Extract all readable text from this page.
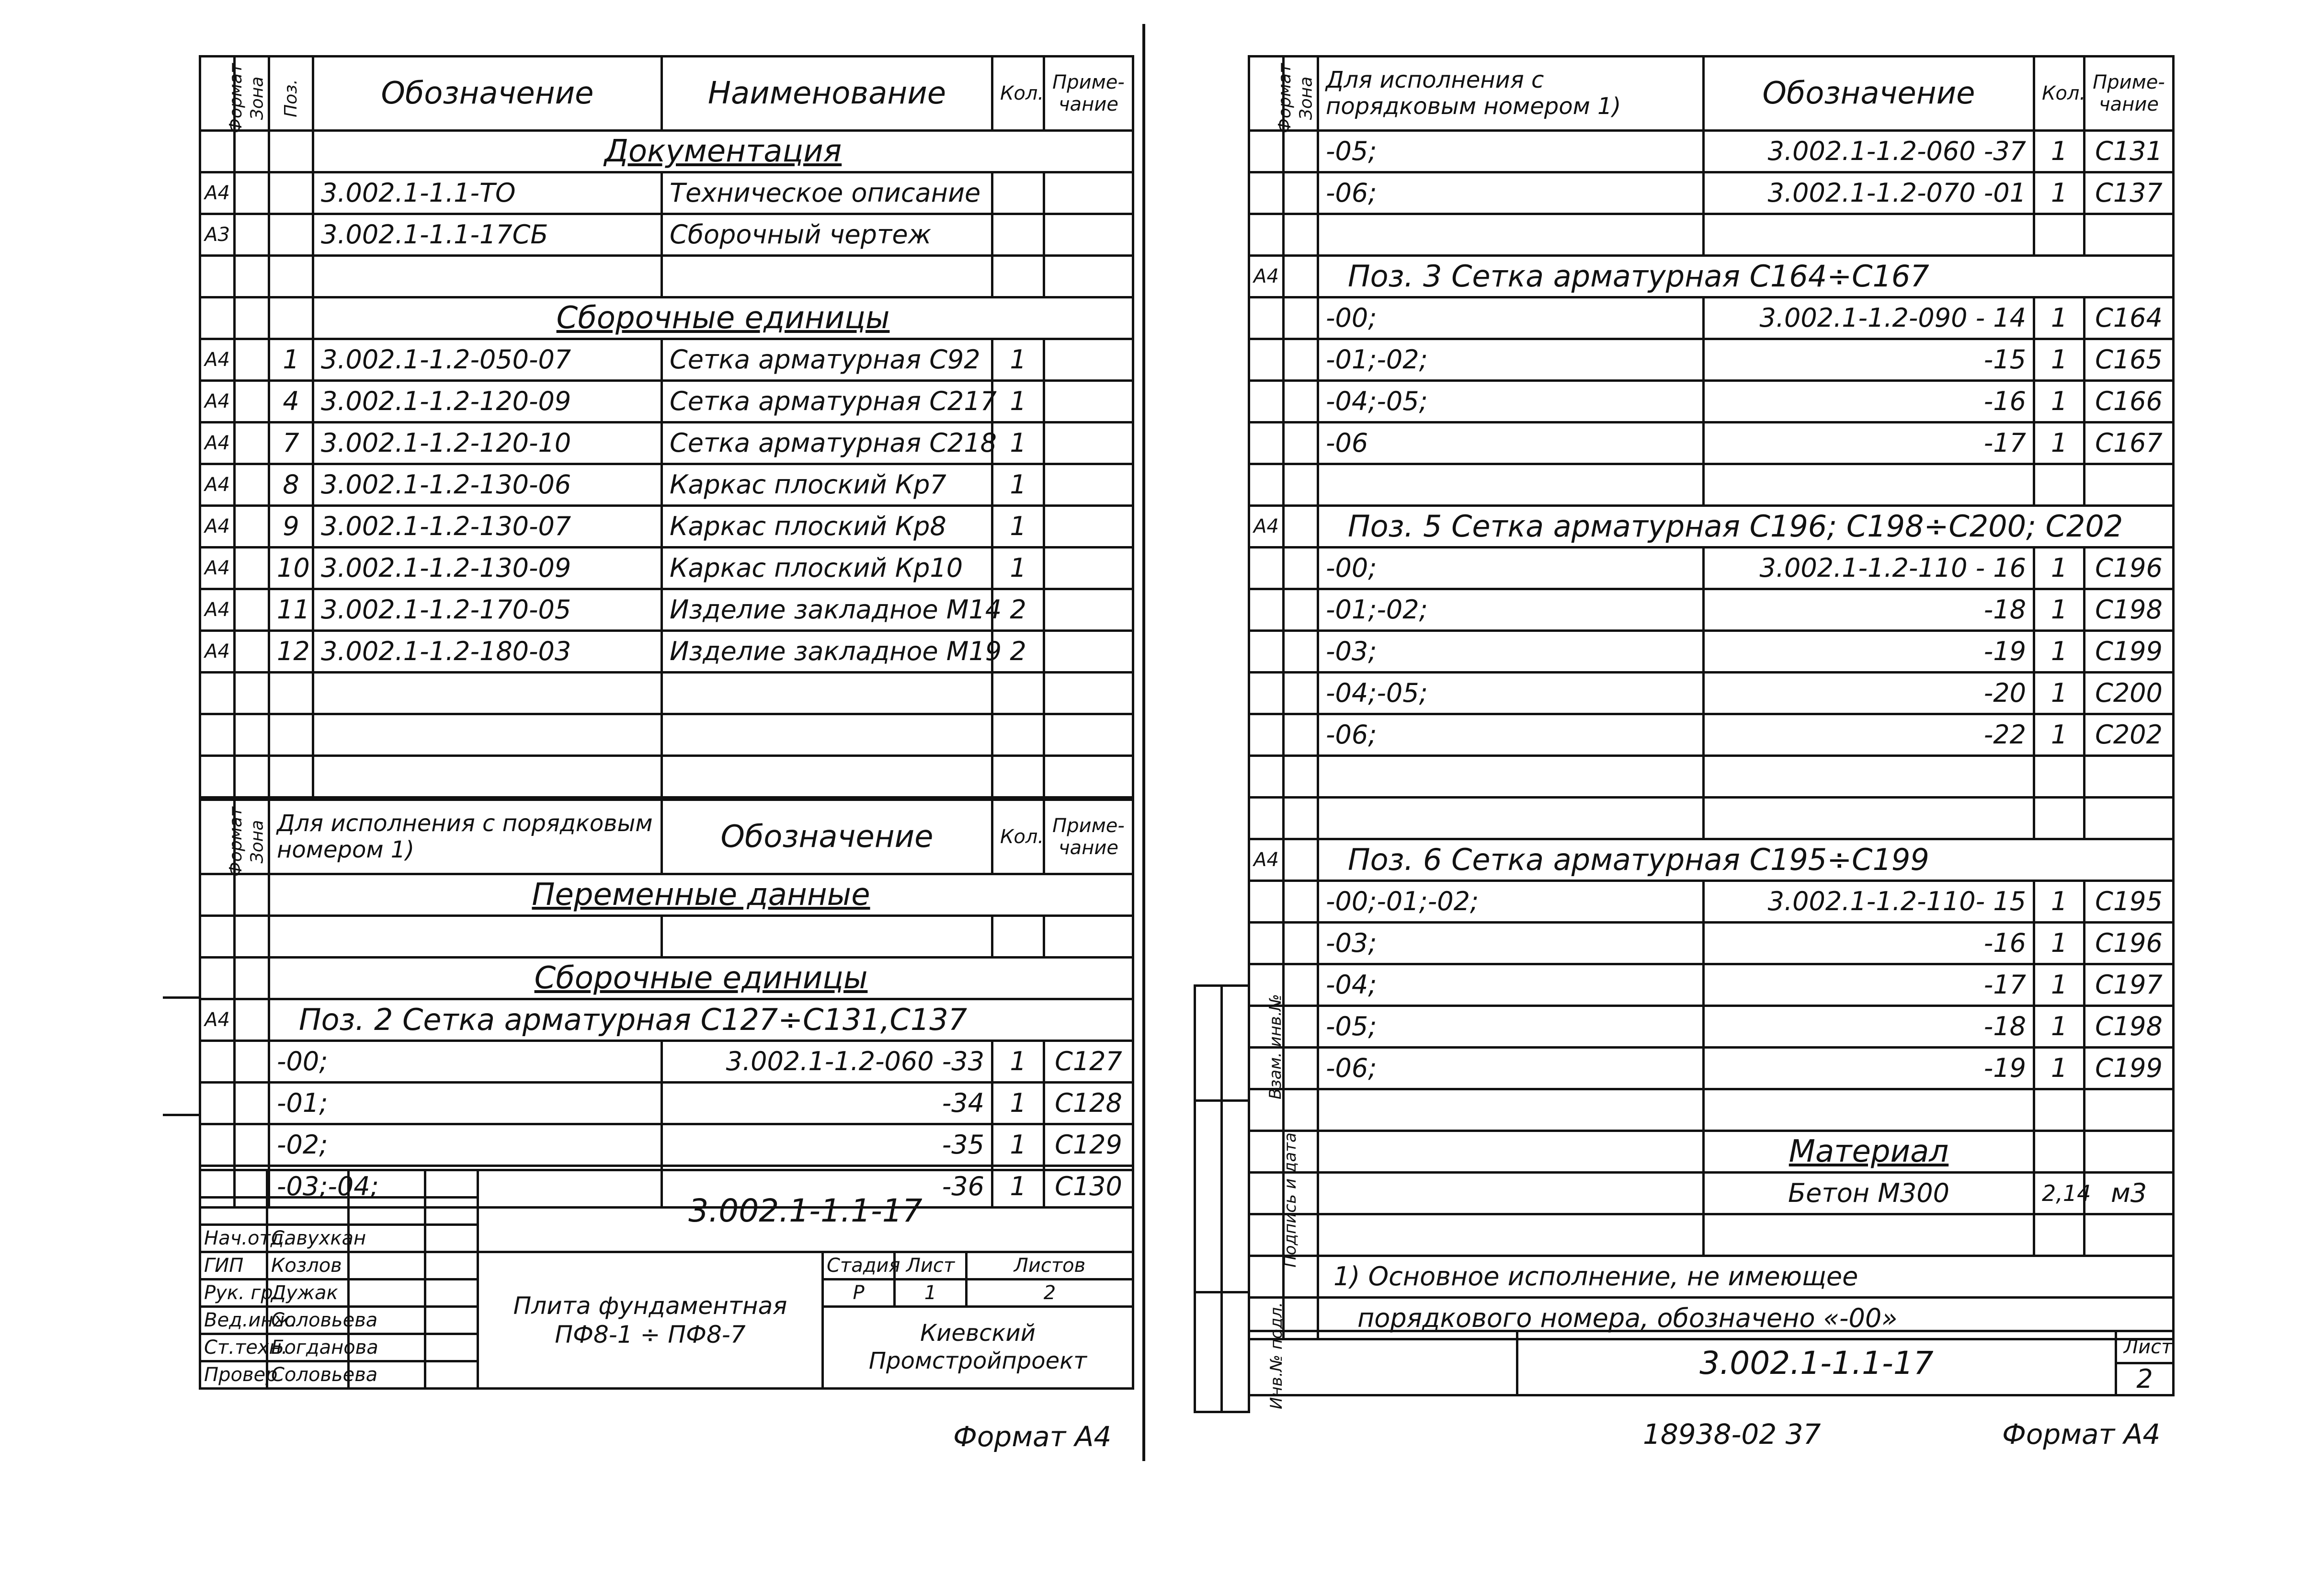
Формат	Зона	Поз.	Обозначение	Наименование	Кол.	Приме-чание
			Документация			
А4			3.002.1-1.1-ТО	Техническое описание		
А3			3.002.1-1.1-17СБ	Сборочный чертеж		

			Сборочные единицы			
А4		1	3.002.1-1.2-050-07	Сетка арматурная С92	1	
А4		4	3.002.1-1.2-120-09	Сетка арматурная С217	1	
А4		7	3.002.1-1.2-120-10	Сетка арматурная С218	1	
А4		8	3.002.1-1.2-130-06	Каркас плоский Кр7	1	
А4		9	3.002.1-1.2-130-07	Каркас плоский Кр8	1	
А4		10	3.002.1-1.2-130-09	Каркас плоский Кр10	1	
А4		11	3.002.1-1.2-170-05	Изделие закладное М14	2	
А4		12	3.002.1-1.2-180-03	Изделие закладное М19	2	

Формат	Зона	Для исполнения с порядковым номером 1)	Обозначение	Кол.	Приме-чание
		Переменные данные			

		Сборочные единицы			
А4		Поз. 2 Сетка арматурная С127÷С131,С137			
		-00;	3.002.1-1.2-060 -33	1	С127
		-01;	-34	1	С128
		-02;	-35	1	С129
		-03;-04;	-36	1	С130
				3.002.1-1.1-17			

Нач.отд.	Савухкан						
ГИП	Козлов			Плита фундаментная ПФ8-1 ÷ ПФ8-7	Стадия	Лист	Листов
Рук. гр.	Дужак				Р	1	2
Вед.инж.	Соловьева				Киевский Промстройпроект		
Ст.техн.	Богданова						
Провер	Соловьева						
Формат А4
Формат	Зона	Для исполнения с порядковым номером 1)	Обозначение	Кол.	Приме-чание
		-05;	3.002.1-1.2-060 -37	1	С131
		-06;	3.002.1-1.2-070 -01	1	С137

А4		Поз. 3 Сетка арматурная С164÷С167			
		-00;	3.002.1-1.2-090 - 14	1	С164
		-01;-02;	-15	1	С165
		-04;-05;	-16	1	С166
		-06	-17	1	С167

А4		Поз. 5 Сетка арматурная С196; С198÷С200; С202			
		-00;	3.002.1-1.2-110 - 16	1	С196
		-01;-02;	-18	1	С198
		-03;	-19	1	С199
		-04;-05;	-20	1	С200
		-06;	-22	1	С202

А4		Поз. 6 Сетка арматурная С195÷С199			
		-00;-01;-02;	3.002.1-1.2-110- 15	1	С195
		-03;	-16	1	С196
		-04;	-17	1	С197
		-05;	-18	1	С198
		-06;	-19	1	С199

			Материал		
			Бетон М300	2,14	м3

		1) Основное исполнение, не имеющее			
		порядкового номера, обозначено «-00»			
	Взам. инв.№
	Подпись и дата
	Инв.№ подл.
		3.002.1-1.1-17	Лист
2
18938-02 37	Формат А4
